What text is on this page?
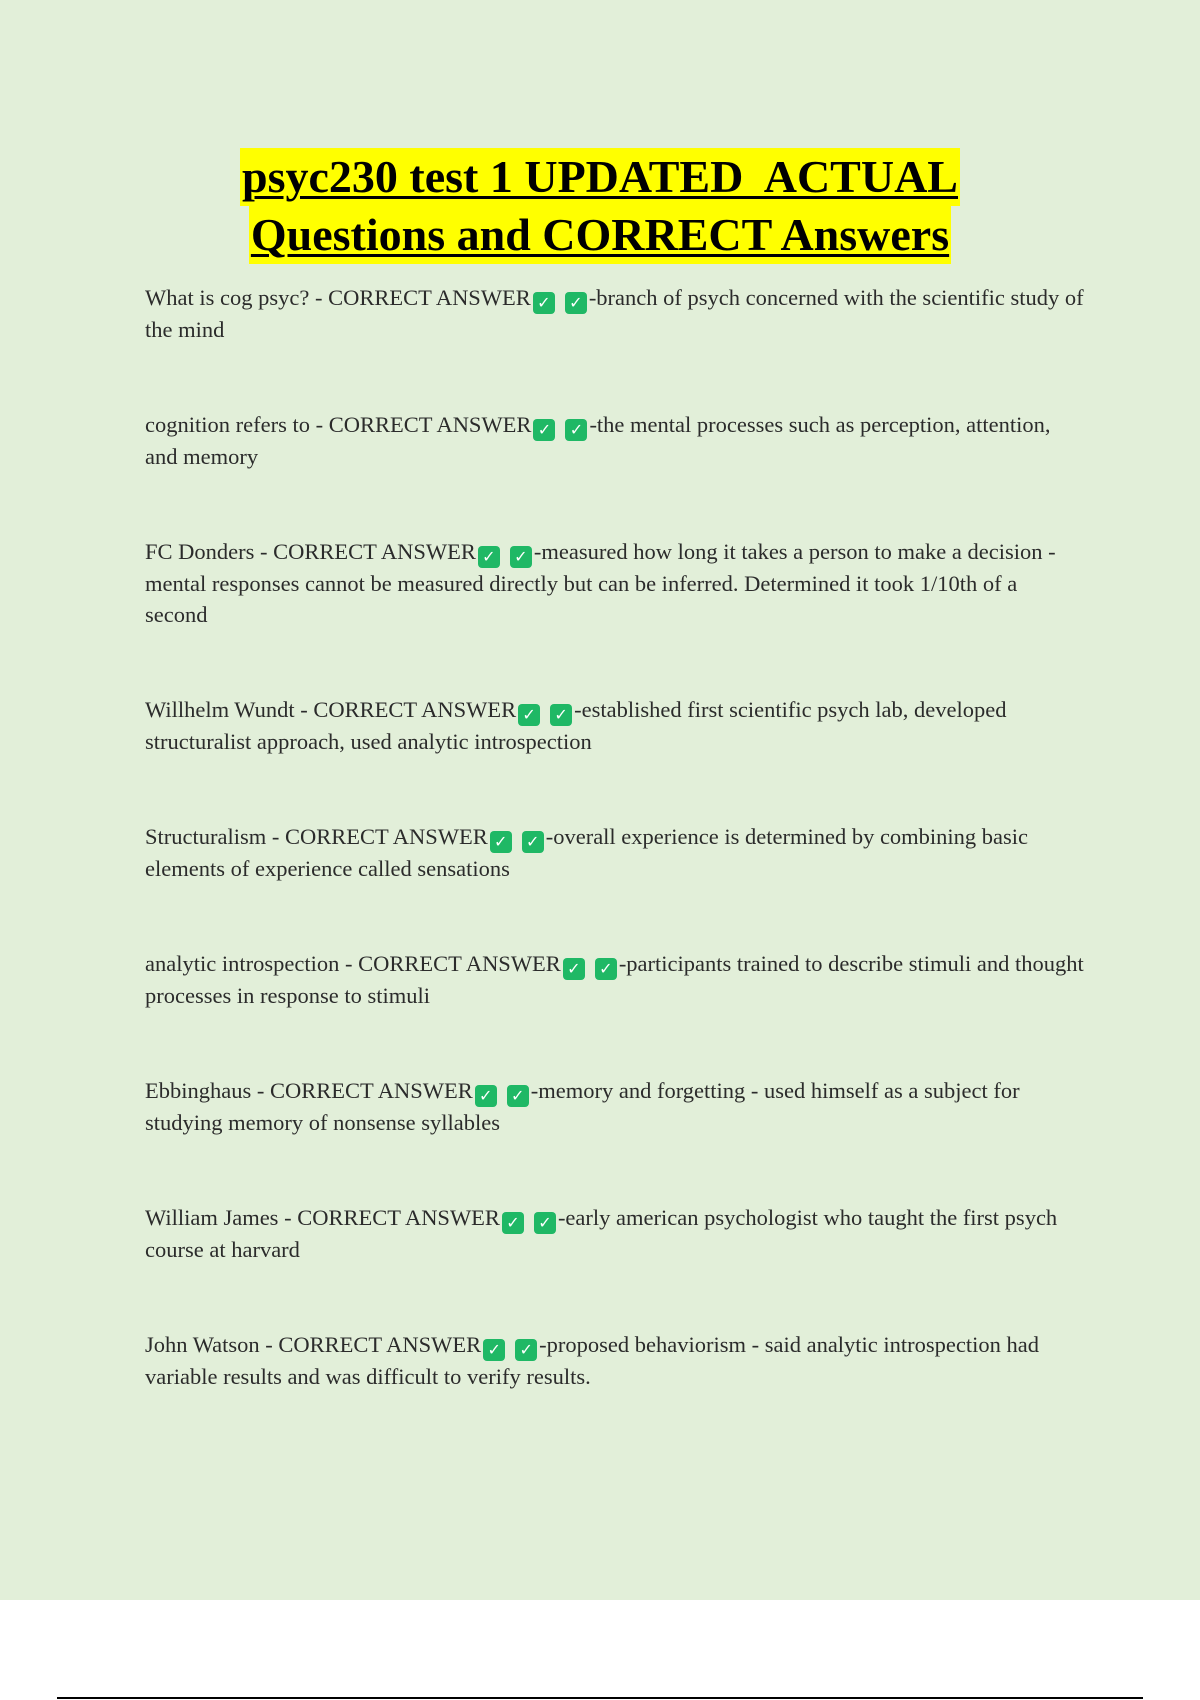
psyc230 test 1 UPDATED  ACTUAL
Questions and CORRECT Answers
What is cog psyc? - CORRECT ANSWER ✓ ✓ -branch of psych concerned with the scientific study of the mind
cognition refers to - CORRECT ANSWER ✓ ✓ -the mental processes such as perception, attention, and memory
FC Donders - CORRECT ANSWER ✓ ✓ -measured how long it takes a person to make a decision - mental responses cannot be measured directly but can be inferred. Determined it took 1/10th of a second
Willhelm Wundt - CORRECT ANSWER ✓ ✓ -established first scientific psych lab, developed structuralist approach, used analytic introspection
Structuralism - CORRECT ANSWER ✓ ✓ -overall experience is determined by combining basic elements of experience called sensations
analytic introspection - CORRECT ANSWER ✓ ✓ -participants trained to describe stimuli and thought processes in response to stimuli
Ebbinghaus - CORRECT ANSWER ✓ ✓ -memory and forgetting - used himself as a subject for studying memory of nonsense syllables
William James - CORRECT ANSWER ✓ ✓ -early american psychologist who taught the first psych course at harvard
John Watson - CORRECT ANSWER ✓ ✓ -proposed behaviorism - said analytic introspection had variable results and was difficult to verify results.
